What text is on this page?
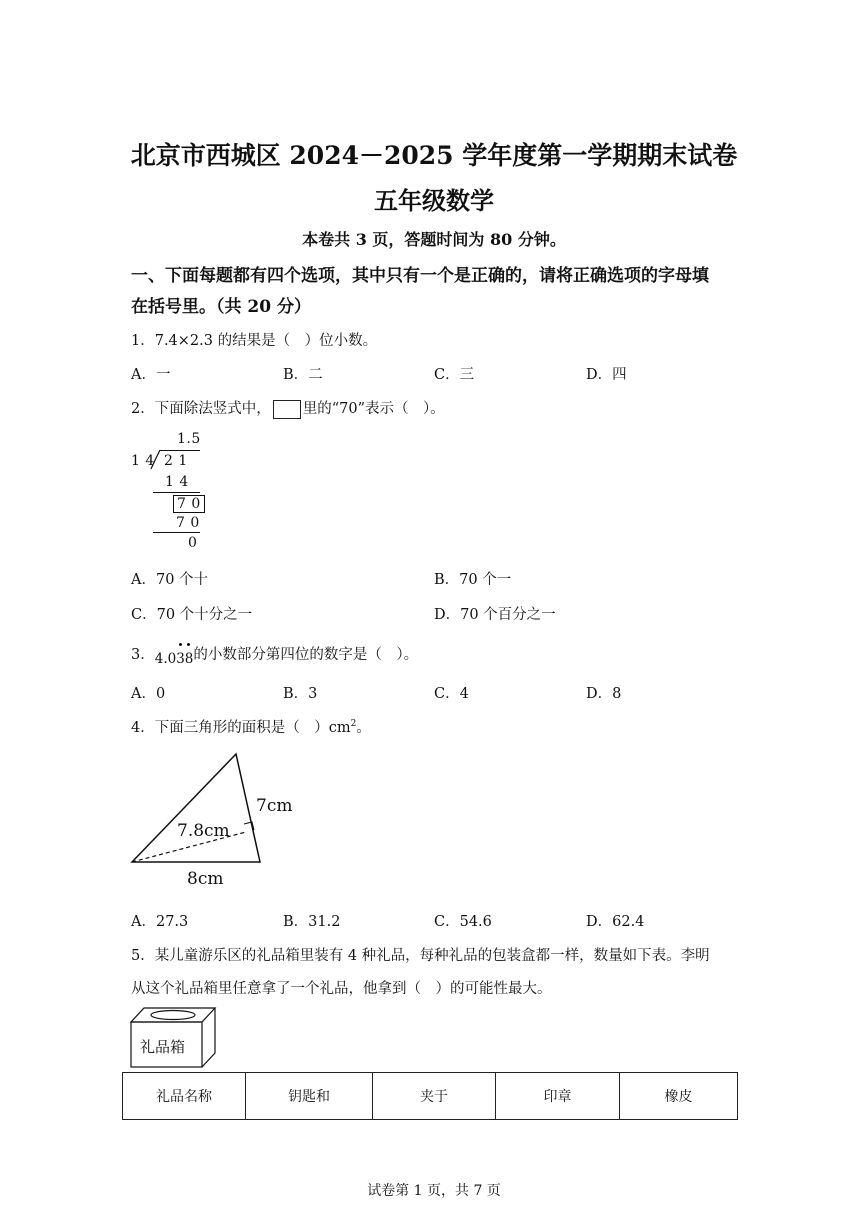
北京市西城区 2024－2025 学年度第一学期期末试卷
五年级数学
本卷共 3 页，答题时间为 80 分钟。
一、下面每题都有四个选项，其中只有一个是正确的，请将正确选项的字母填
在括号里。（共 20 分）
1．7.4×2.3 的结果是（　）位小数。
A．一	B．二	C．三	D．四
2．下面除法竖式中， 里的“70”表示（　）。
1.5
1 4 2 1
1 4
7 0
7 0
0
A．70 个十	B．70 个一
C．70 个十分之一	D．70 个百分之一
3．4.038的小数部分第四位的数字是（　）。
A．0	B．3	C．4	D．8
4．下面三角形的面积是（　）$cm^2$。
7cm
7.8cm
8cm
A．27.3	B．31.2	C．54.6	D．62.4
5．某儿童游乐区的礼品箱里装有 4 种礼品，每种礼品的包装盒都一样，数量如下表。李明
从这个礼品箱里任意拿了一个礼品，他拿到（　）的可能性最大。
礼品箱
礼品名称	钥匙和	夹于	印章	橡皮
试卷第 1 页，共 7 页
